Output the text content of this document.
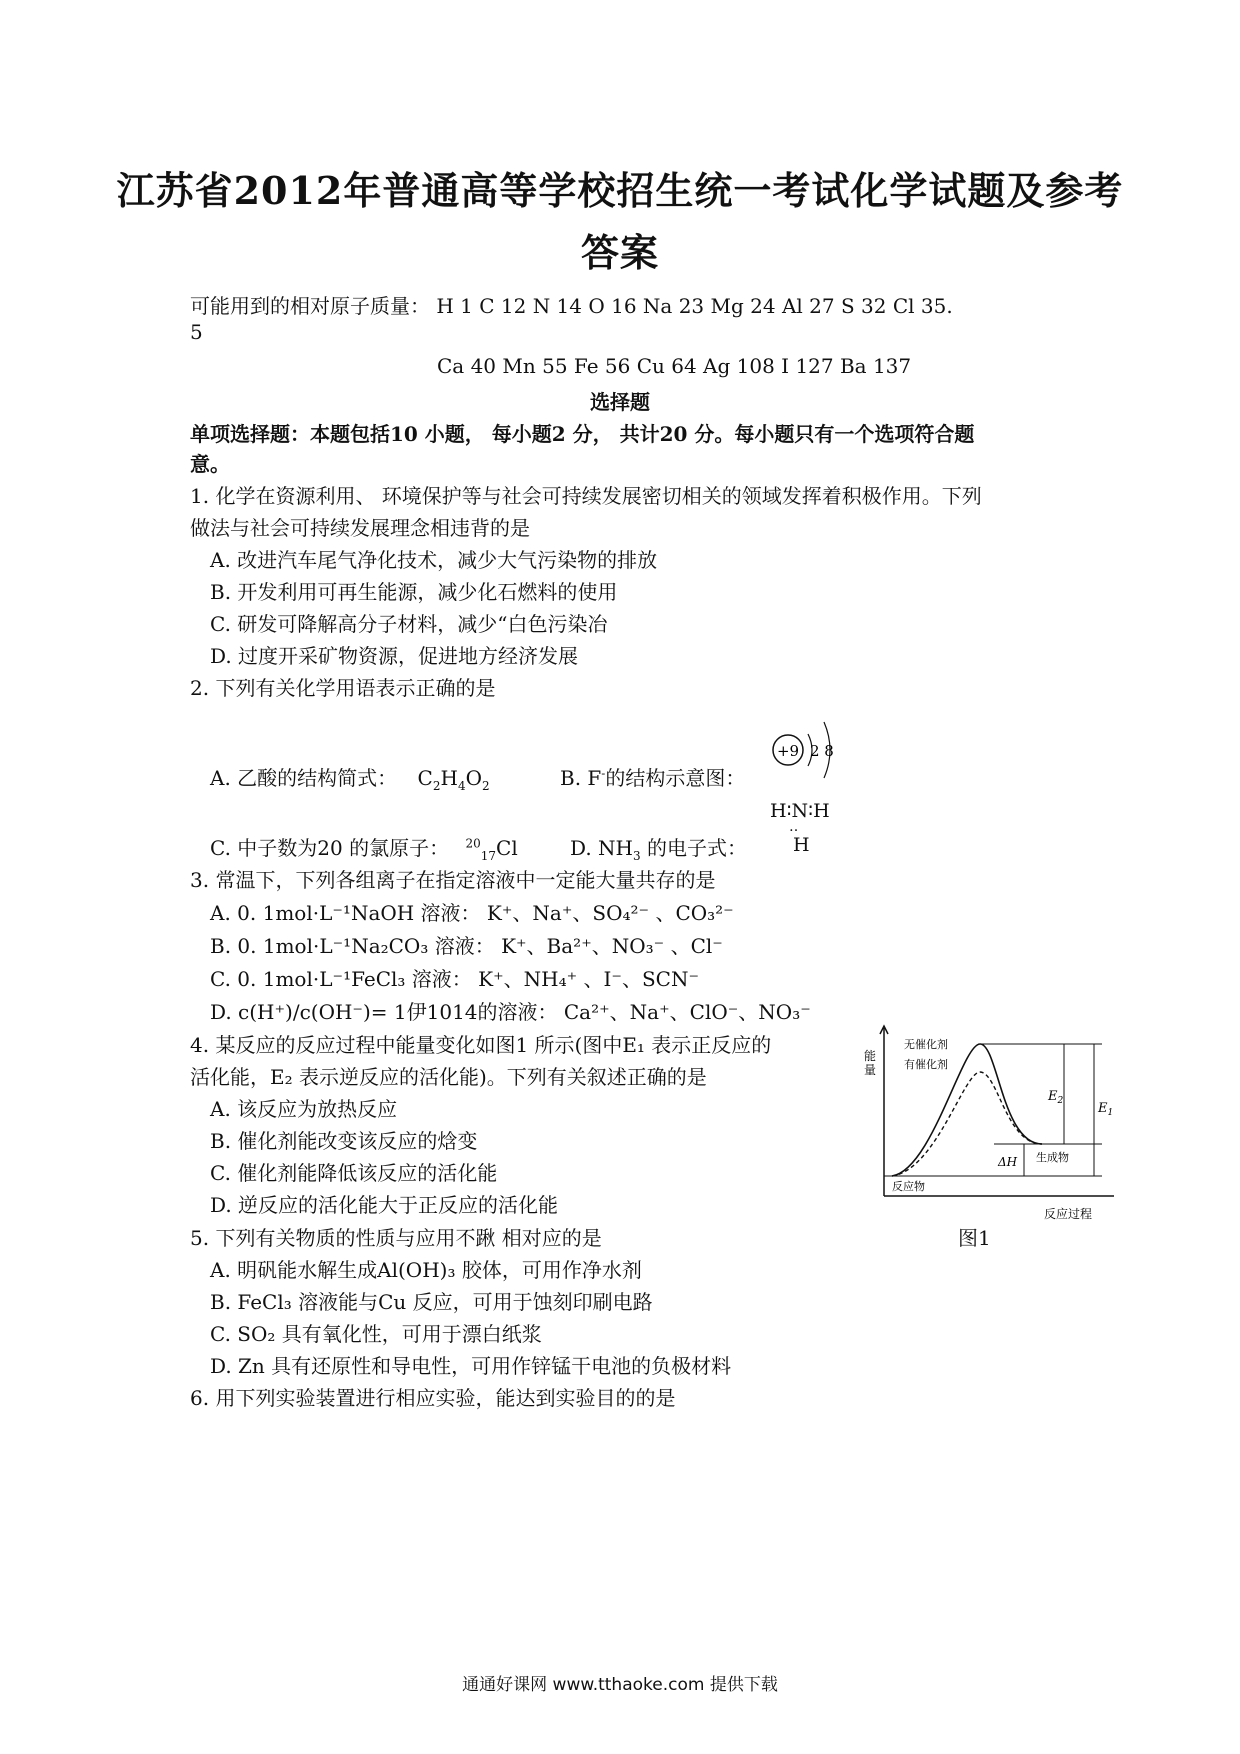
江苏省2012年普通高等学校招生统一考试化学试题及参考
答案
可能用到的相对原子质量： H 1 C 12 N 14 O 16 Na 23 Mg 24 Al 27 S 32 Cl 35.
5
Ca 40 Mn 55 Fe 56 Cu 64 Ag 108 I 127 Ba 137
选择题
单项选择题：本题包括10 小题， 每小题2 分， 共计20 分。每小题只有一个选项符合题
意。
1. 化学在资源利用、 环境保护等与社会可持续发展密切相关的领域发挥着积极作用。下列
做法与社会可持续发展理念相违背的是
A. 改进汽车尾气净化技术，减少大气污染物的排放
B. 开发利用可再生能源，减少化石燃料的使用
C. 研发可降解高分子材料，减少“白色污染冶
D. 过度开采矿物资源，促进地方经济发展
2. 下列有关化学用语表示正确的是
A. 乙酸的结构简式： $C_2H_4O_2$	B. F-的结构示意图：
+9 2 8
C. 中子数为20 的氯原子： $^{20}_{17}$Cl	D. $NH_3$ 的电子式：
H∶N∶H
‥
H
3. 常温下，下列各组离子在指定溶液中一定能大量共存的是
A. 0. 1mol·L⁻¹NaOH 溶液： K⁺、Na⁺、SO₄²⁻ 、CO₃²⁻
B. 0. 1mol·L⁻¹Na₂CO₃ 溶液： K⁺、Ba²⁺、NO₃⁻ 、Cl⁻
C. 0. 1mol·L⁻¹FeCl₃ 溶液： K⁺、NH₄⁺ 、I⁻、SCN⁻
D. c(H⁺)/c(OH⁻)= 1伊1014的溶液： Ca²⁺、Na⁺、ClO⁻、NO₃⁻
4. 某反应的反应过程中能量变化如图1 所示(图中E₁ 表示正反应的
活化能，E₂ 表示逆反应的活化能)。下列有关叙述正确的是
A. 该反应为放热反应
B. 催化剂能改变该反应的焓变
C. 催化剂能降低该反应的活化能
D. 逆反应的活化能大于正反应的活化能
能 量
反应过程
$E_2$	$E_1$
ΔH 生成物
反应物
无催化剂
有催化剂
图1
5. 下列有关物质的性质与应用不踿 相对应的是
A. 明矾能水解生成Al(OH)₃ 胶体，可用作净水剂
B. FeCl₃ 溶液能与Cu 反应，可用于蚀刻印刷电路
C. SO₂ 具有氧化性，可用于漂白纸浆
D. Zn 具有还原性和导电性，可用作锌锰干电池的负极材料
6. 用下列实验装置进行相应实验，能达到实验目的的是
通通好课网 www.tthaoke.com 提供下载
